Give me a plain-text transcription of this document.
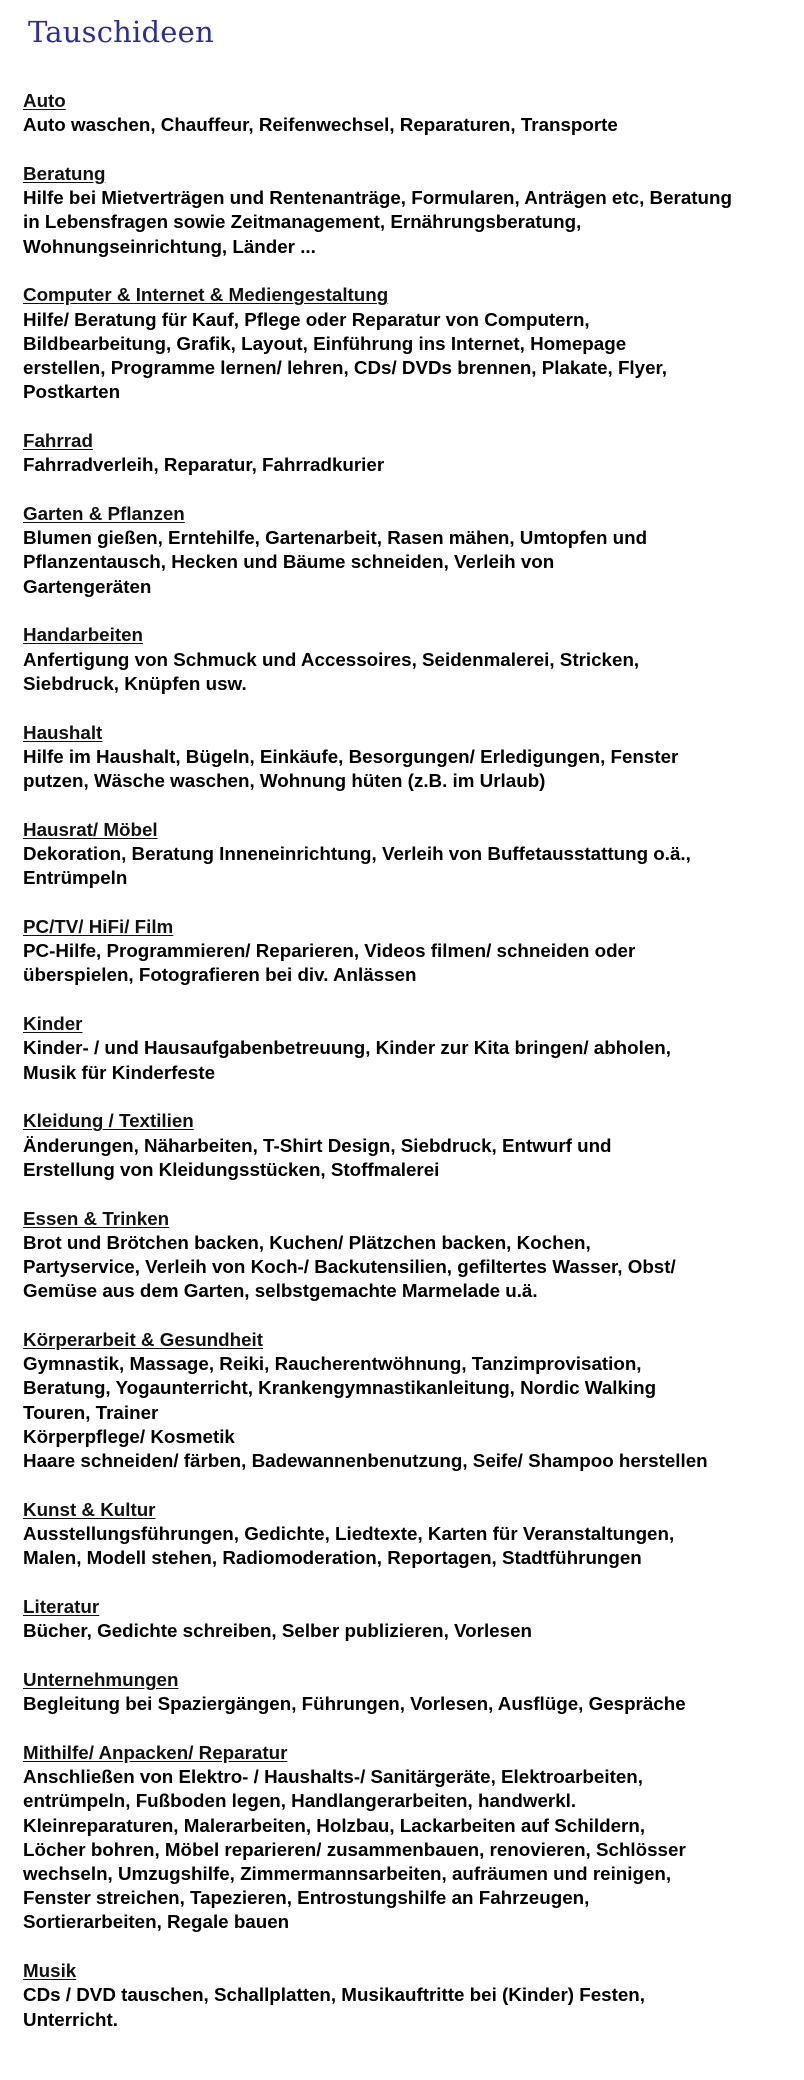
Tauschideen
Auto
Auto waschen, Chauffeur, Reifenwechsel, Reparaturen, Transporte
Beratung
Hilfe bei Mietverträgen und Rentenanträge, Formularen, Anträgen etc, Beratung
in Lebensfragen sowie Zeitmanagement, Ernährungsberatung,
Wohnungseinrichtung, Länder ...
Computer & Internet & Mediengestaltung
Hilfe/ Beratung für Kauf, Pflege oder Reparatur von Computern,
Bildbearbeitung, Grafik, Layout, Einführung ins Internet, Homepage
erstellen, Programme lernen/ lehren, CDs/ DVDs brennen, Plakate, Flyer,
Postkarten
Fahrrad
Fahrradverleih, Reparatur, Fahrradkurier
Garten & Pflanzen
Blumen gießen, Erntehilfe, Gartenarbeit, Rasen mähen, Umtopfen und
Pflanzentausch, Hecken und Bäume schneiden, Verleih von
Gartengeräten
Handarbeiten
Anfertigung von Schmuck und Accessoires, Seidenmalerei, Stricken,
Siebdruck, Knüpfen usw.
Haushalt
Hilfe im Haushalt, Bügeln, Einkäufe, Besorgungen/ Erledigungen, Fenster
putzen, Wäsche waschen, Wohnung hüten (z.B. im Urlaub)
Hausrat/ Möbel
Dekoration, Beratung Inneneinrichtung, Verleih von Buffetausstattung o.ä.,
Entrümpeln
PC/TV/ HiFi/ Film
PC-Hilfe, Programmieren/ Reparieren, Videos filmen/ schneiden oder
überspielen, Fotografieren bei div. Anlässen
Kinder
Kinder- / und Hausaufgabenbetreuung, Kinder zur Kita bringen/ abholen,
Musik für Kinderfeste
Kleidung / Textilien
Änderungen, Näharbeiten, T-Shirt Design, Siebdruck, Entwurf und
Erstellung von Kleidungsstücken, Stoffmalerei
Essen & Trinken
Brot und Brötchen backen, Kuchen/ Plätzchen backen, Kochen,
Partyservice, Verleih von Koch-/ Backutensilien, gefiltertes Wasser, Obst/
Gemüse aus dem Garten, selbstgemachte Marmelade u.ä.
Körperarbeit & Gesundheit
Gymnastik, Massage, Reiki, Raucherentwöhnung, Tanzimprovisation,
Beratung, Yogaunterricht, Krankengymnastikanleitung, Nordic Walking
Touren, Trainer
Körperpflege/ Kosmetik
Haare schneiden/ färben, Badewannenbenutzung, Seife/ Shampoo herstellen
Kunst & Kultur
Ausstellungsführungen, Gedichte, Liedtexte, Karten für Veranstaltungen,
Malen, Modell stehen, Radiomoderation, Reportagen, Stadtführungen
Literatur
Bücher, Gedichte schreiben, Selber publizieren, Vorlesen
Unternehmungen
Begleitung bei Spaziergängen, Führungen, Vorlesen, Ausflüge, Gespräche
Mithilfe/ Anpacken/ Reparatur
Anschließen von Elektro- / Haushalts-/ Sanitärgeräte, Elektroarbeiten,
entrümpeln, Fußboden legen, Handlangerarbeiten, handwerkl.
Kleinreparaturen, Malerarbeiten, Holzbau, Lackarbeiten auf Schildern,
Löcher bohren, Möbel reparieren/ zusammenbauen, renovieren, Schlösser
wechseln, Umzugshilfe, Zimmermannsarbeiten, aufräumen und reinigen,
Fenster streichen, Tapezieren, Entrostungshilfe an Fahrzeugen,
Sortierarbeiten, Regale bauen
Musik
CDs / DVD tauschen, Schallplatten, Musikauftritte bei (Kinder) Festen,
Unterricht.
